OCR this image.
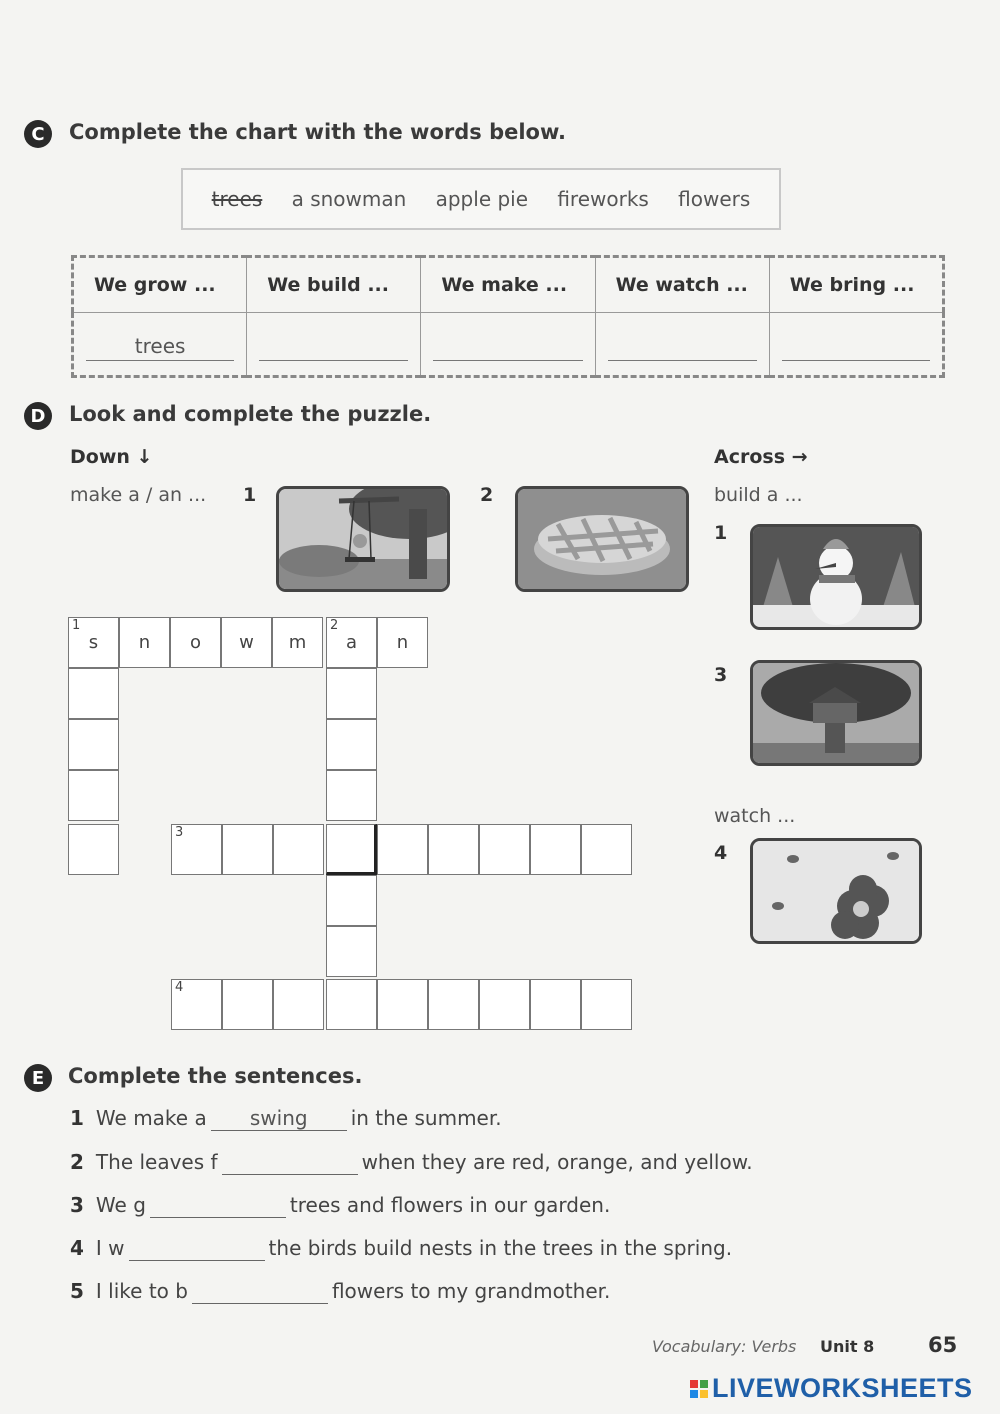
C	Complete the chart with the words below.
trees a snowman apple pie fireworks flowers
We grow ...	We build ...	We make ...	We watch ...	We bring ...

trees				

D	Look and complete the puzzle.
Down ↓
make a / an ... 1	2
Across →
build a ...
1
3
watch ...
4
1
s n o w m
2
a n
3
4
E	Complete the sentences.
1 We make a swing in the summer.
2 The leaves f	when they are red, orange, and yellow.
3 We g	trees and flowers in our garden.
4 I w	the birds build nests in the trees in the spring.
5 I like to b	flowers to my grandmother.
Vocabulary: Verbs Unit 8	65
LIVEWORKSHEETS
